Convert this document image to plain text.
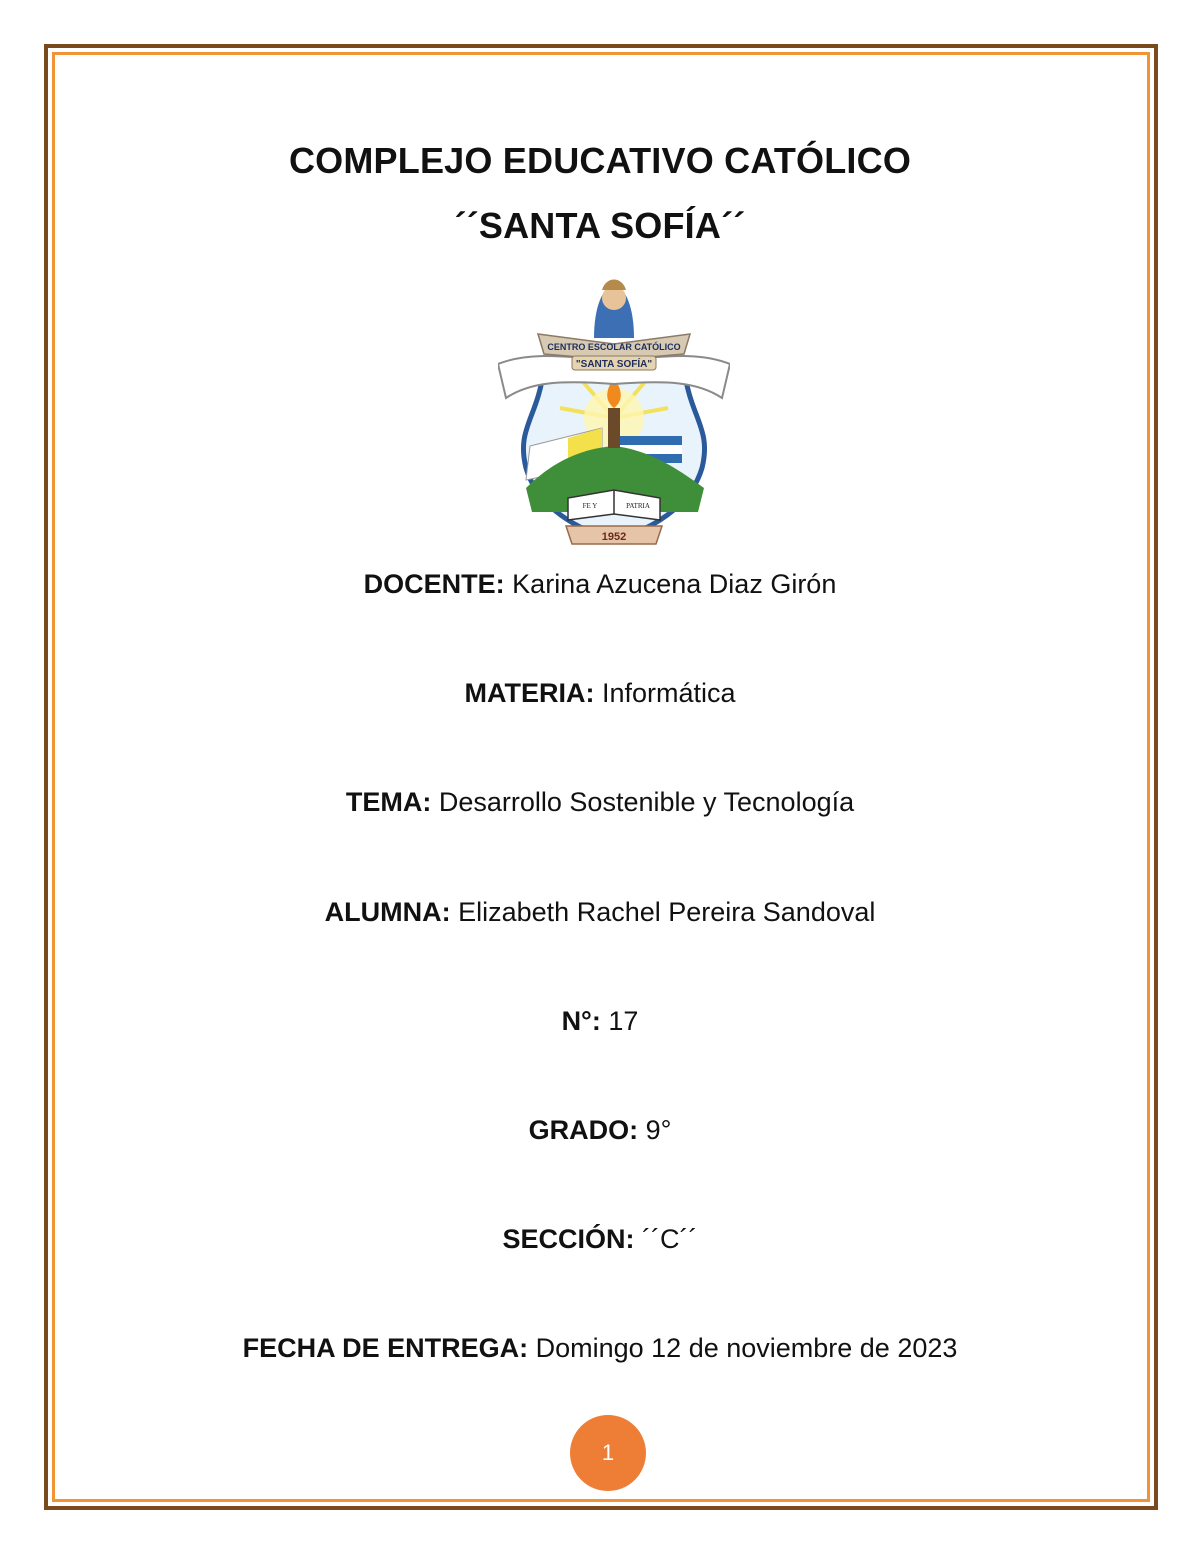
COMPLEJO EDUCATIVO CATÓLICO
´´SANTA SOFÍA´´
FE Y	PATRIA
CENTRO ESCOLAR CATÓLICO
"SANTA SOFÍA"
1952
DOCENTE: Karina Azucena Diaz Girón
MATERIA: Informática
TEMA: Desarrollo Sostenible y Tecnología
ALUMNA: Elizabeth Rachel Pereira Sandoval
N°: 17
GRADO: 9°
SECCIÓN: ´´C´´
FECHA DE ENTREGA: Domingo 12 de noviembre de 2023
1
